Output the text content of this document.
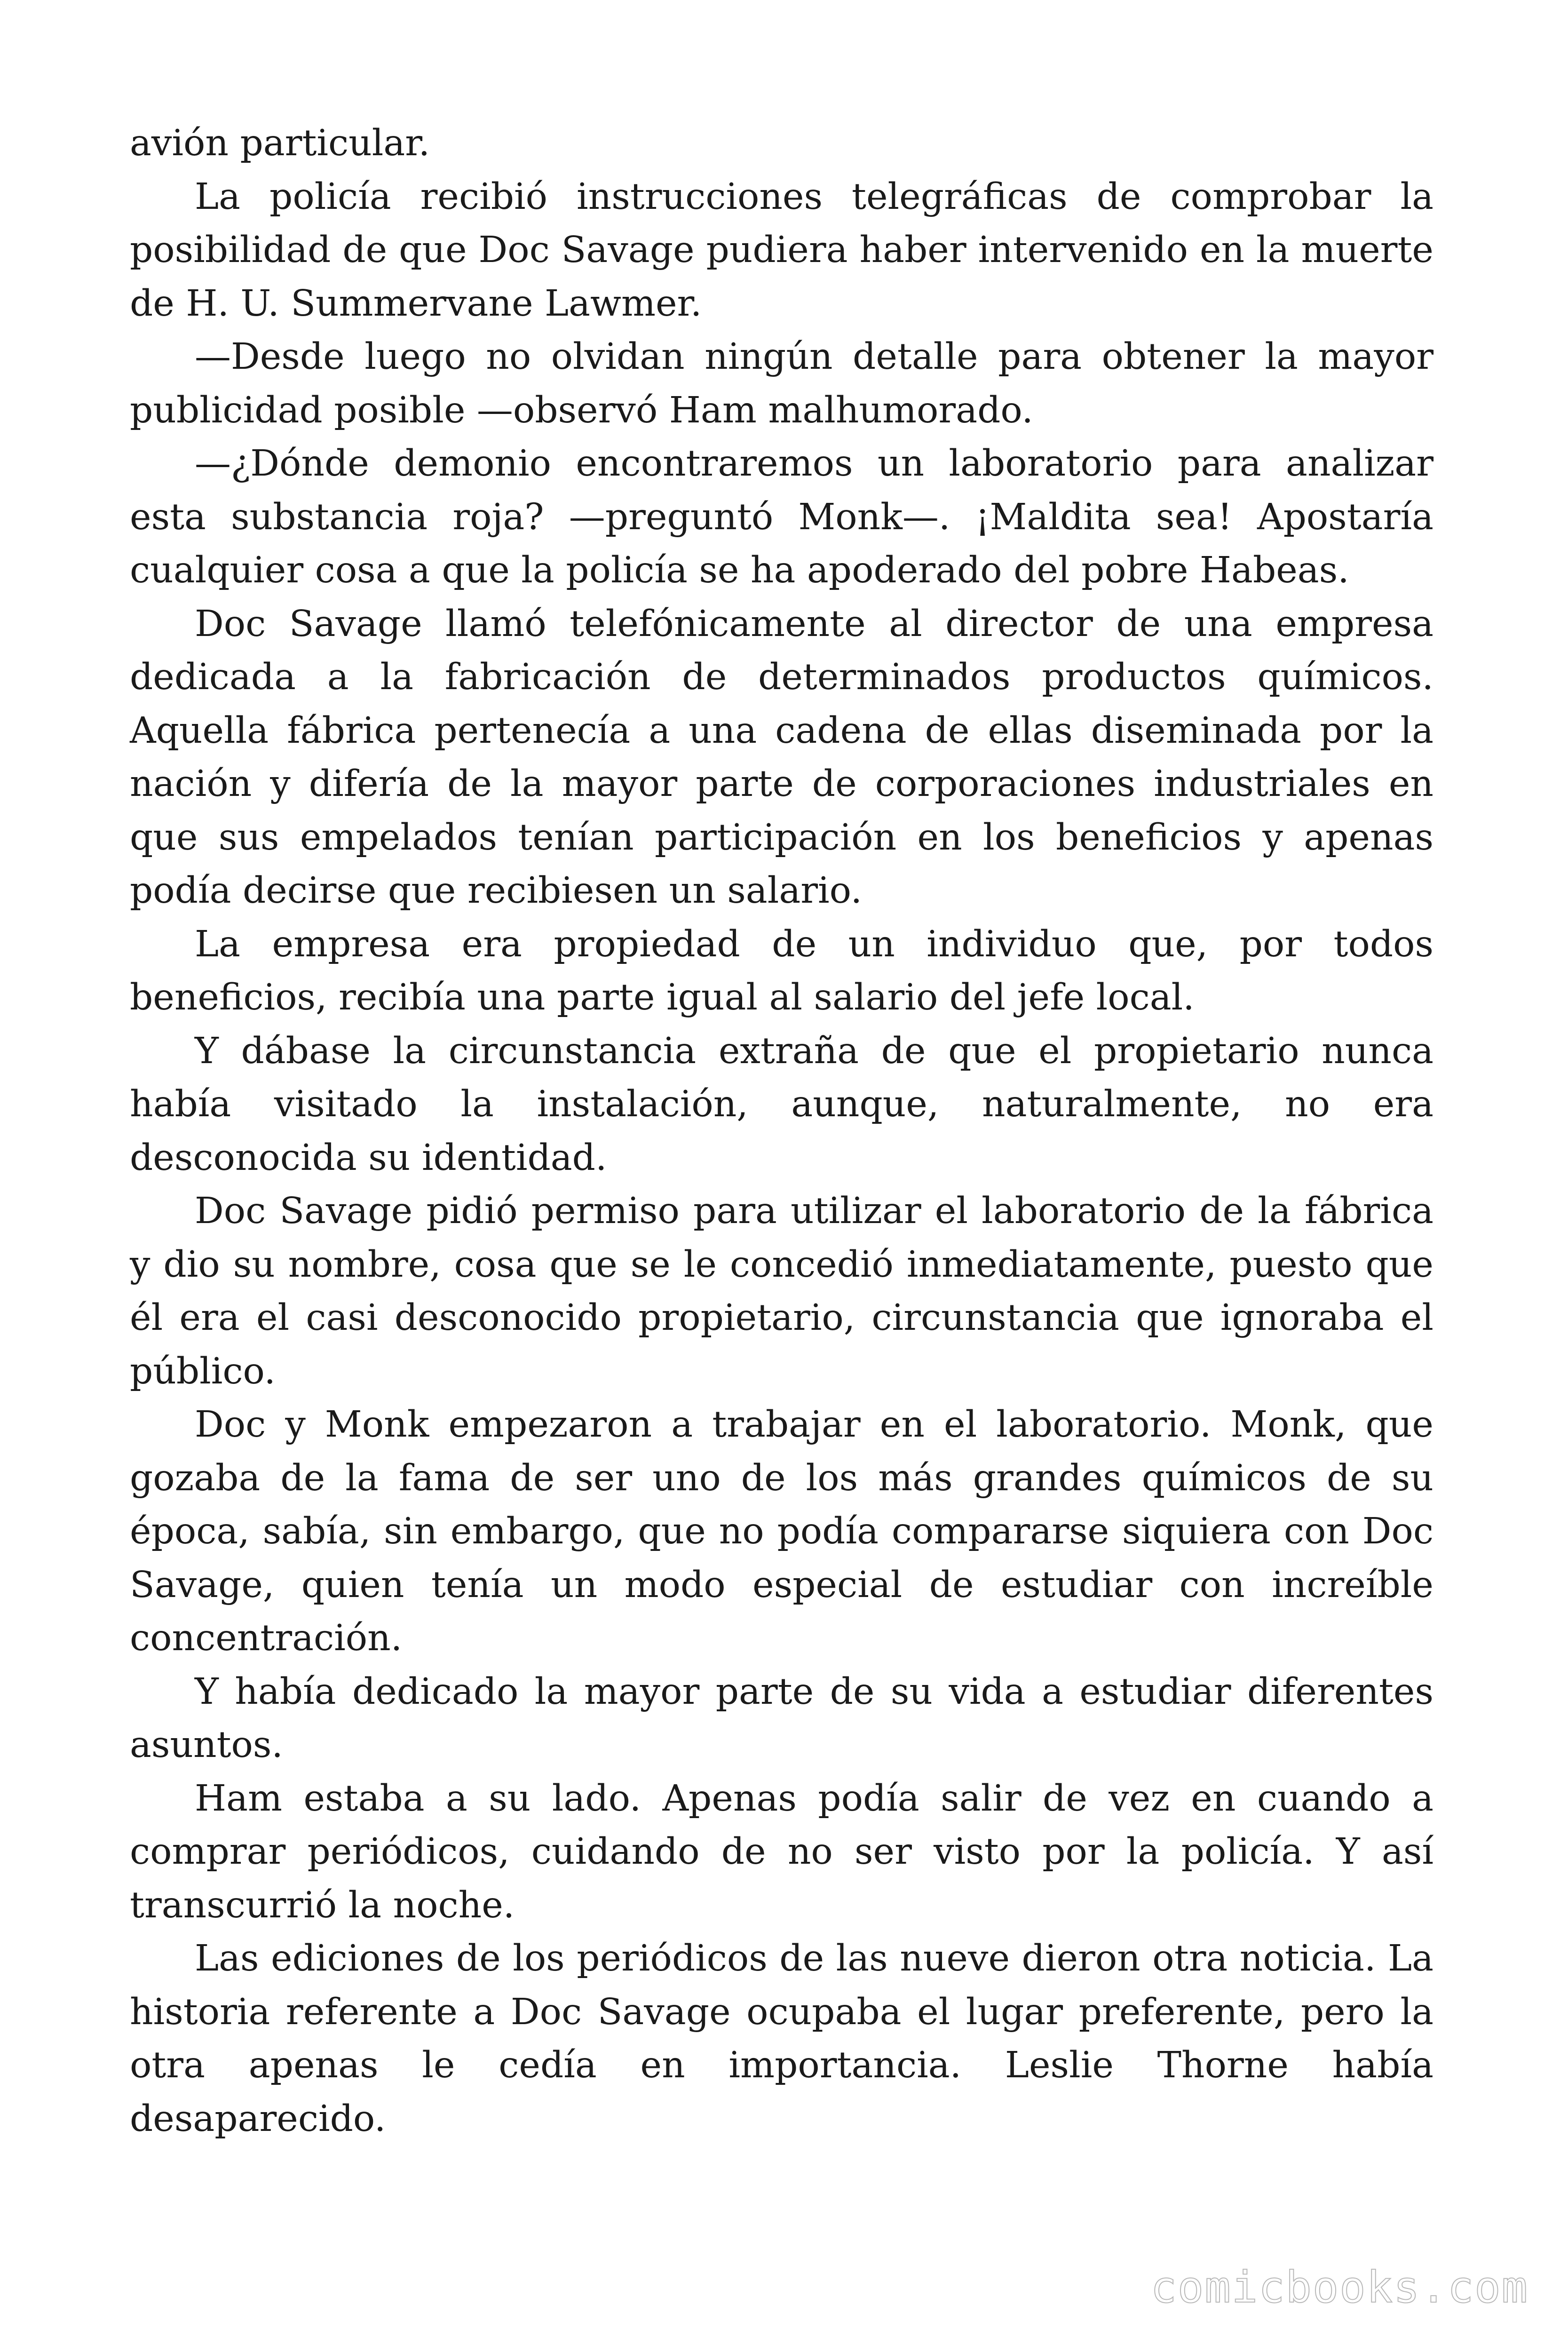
avión particular.

La policía recibió instrucciones telegráficas de comprobar la posibilidad de que Doc Savage pudiera haber intervenido en la muerte de H. U. Summervane Lawmer.

—Desde luego no olvidan ningún detalle para obtener la mayor publicidad posible —observó Ham malhumorado.

—¿Dónde demonio encontraremos un laboratorio para analizar esta substancia roja? —preguntó Monk—. ¡Maldita sea! Apostaría cualquier cosa a que la policía se ha apoderado del pobre Habeas.

Doc Savage llamó telefónicamente al director de una empresa dedicada a la fabricación de determinados productos químicos. Aquella fábrica pertenecía a una cadena de ellas diseminada por la nación y difería de la mayor parte de corporaciones industriales en que sus empelados tenían participación en los beneficios y apenas podía decirse que recibiesen un salario.

La empresa era propiedad de un individuo que, por todos beneficios, recibía una parte igual al salario del jefe local.

Y dábase la circunstancia extraña de que el propietario nunca había visitado la instalación, aunque, naturalmente, no era desconocida su identidad.

Doc Savage pidió permiso para utilizar el laboratorio de la fábrica y dio su nombre, cosa que se le concedió inmediatamente, puesto que él era el casi desconocido propietario, circunstancia que ignoraba el público.

Doc y Monk empezaron a trabajar en el laboratorio. Monk, que gozaba de la fama de ser uno de los más grandes químicos de su época, sabía, sin embargo, que no podía compararse siquiera con Doc Savage, quien tenía un modo especial de estudiar con increíble concentración.

Y había dedicado la mayor parte de su vida a estudiar diferentes asuntos.

Ham estaba a su lado. Apenas podía salir de vez en cuando a comprar periódicos, cuidando de no ser visto por la policía. Y así transcurrió la noche.

Las ediciones de los periódicos de las nueve dieron otra noticia. La historia referente a Doc Savage ocupaba el lugar preferente, pero la otra apenas le cedía en importancia. Leslie Thorne había desaparecido.

comicbooks.com
